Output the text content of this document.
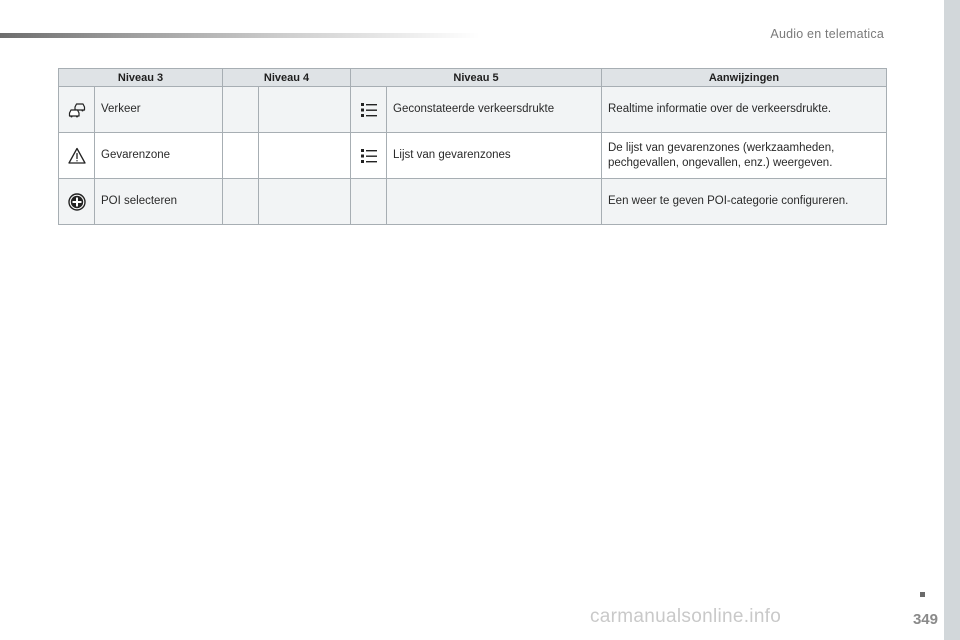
Audio en telematica
Niveau 3		Niveau 4		Niveau 5		Aanwijzingen

	Verkeer				Geconstateerde verkeersdrukte	Realtime informatie over de verkeersdrukte.

	Gevarenzone				Lijst van gevarenzones	De lijst van gevarenzones (werkzaamheden, pechgevallen, ongevallen, enz.) weergeven.

	POI selecteren					Een weer te geven POI-categorie configureren.
349
carmanualsonline.info
